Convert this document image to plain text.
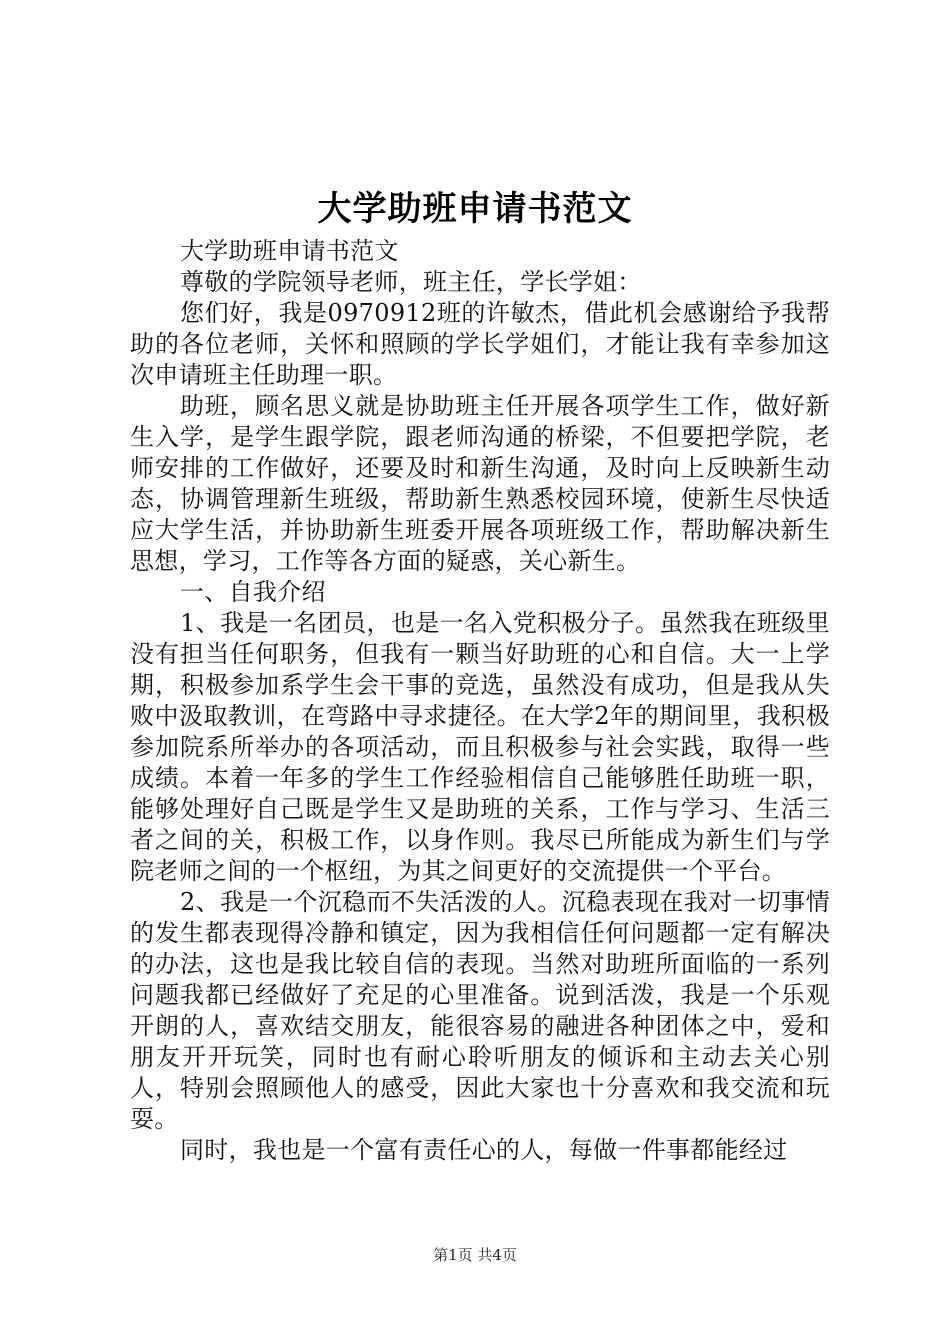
大学助班申请书范文

大学助班申请书范文

尊敬的学院领导老师，班主任，学长学姐：

您们好，我是0970912班的许敏杰，借此机会感谢给予我帮助的各位老师，关怀和照顾的学长学姐们，才能让我有幸参加这次申请班主任助理一职。

助班，顾名思义就是协助班主任开展各项学生工作，做好新生入学，是学生跟学院，跟老师沟通的桥梁，不但要把学院，老师安排的工作做好，还要及时和新生沟通，及时向上反映新生动态，协调管理新生班级，帮助新生熟悉校园环境，使新生尽快适应大学生活，并协助新生班委开展各项班级工作，帮助解决新生思想，学习，工作等各方面的疑惑，关心新生。

一、自我介绍

1、我是一名团员，也是一名入党积极分子。虽然我在班级里没有担当任何职务，但我有一颗当好助班的心和自信。大一上学期，积极参加系学生会干事的竞选，虽然没有成功，但是我从失败中汲取教训，在弯路中寻求捷径。在大学2年的期间里，我积极参加院系所举办的各项活动，而且积极参与社会实践，取得一些成绩。本着一年多的学生工作经验相信自己能够胜任助班一职，能够处理好自己既是学生又是助班的关系，工作与学习、生活三者之间的关，积极工作，以身作则。我尽已所能成为新生们与学院老师之间的一个枢纽，为其之间更好的交流提供一个平台。

2、我是一个沉稳而不失活泼的人。沉稳表现在我对一切事情的发生都表现得冷静和镇定，因为我相信任何问题都一定有解决的办法，这也是我比较自信的表现。当然对助班所面临的一系列问题我都已经做好了充足的心里准备。说到活泼，我是一个乐观开朗的人，喜欢结交朋友，能很容易的融进各种团体之中，爱和朋友开开玩笑，同时也有耐心聆听朋友的倾诉和主动去关心别人，特别会照顾他人的感受，因此大家也十分喜欢和我交流和玩耍。

同时，我也是一个富有责任心的人，每做一件事都能经过

第1页 共4页
